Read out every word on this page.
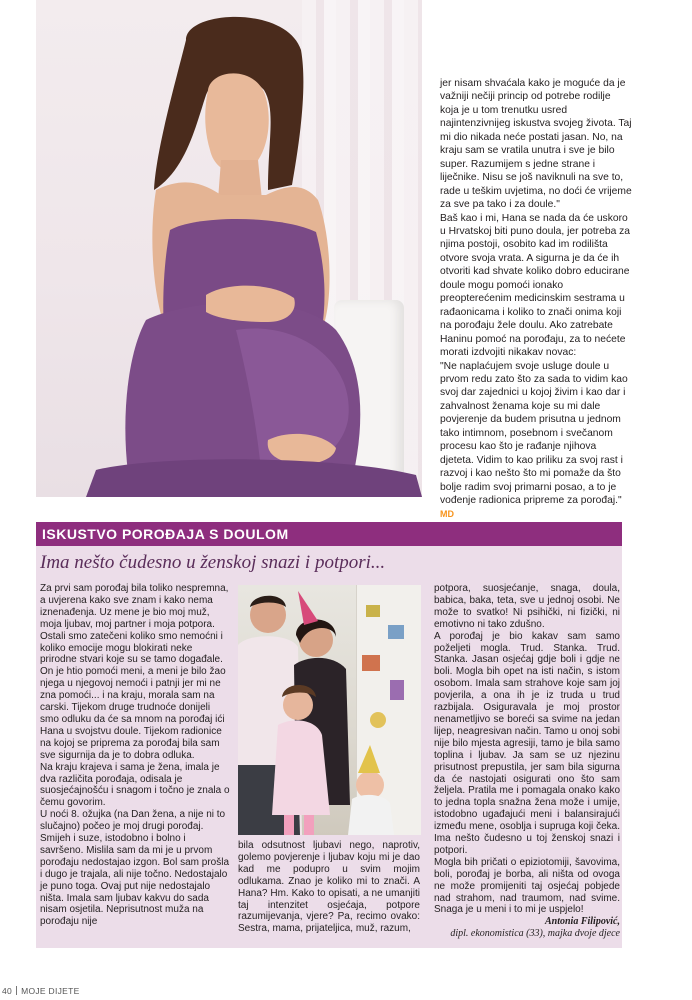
jer nisam shvaćala kako je moguće da je važniji nečiji princip od potrebe rodilje koja je u tom trenutku usred najintenzivnijeg iskustva svojeg života. Taj mi dio nikada neće postati jasan. No, na kraju sam se vratila unutra i sve je bilo super. Razumijem s jedne strane i liječnike. Nisu se još naviknuli na sve to, rade u teškim uvjetima, no doći će vrijeme za sve pa tako i za doule."

Baš kao i mi, Hana se nada da će uskoro u Hrvatskoj biti puno doula, jer potreba za njima postoji, osobito kad im rodilišta otvore svoja vrata. A sigurna je da će ih otvoriti kad shvate koliko dobro educirane doule mogu pomoći ionako preopterećenim medicinskim sestrama u rađaonicama i koliko to znači onima koji na porođaju žele doulu. Ako zatrebate Haninu pomoć na porođaju, za to nećete morati izdvojiti nikakav novac:

"Ne naplaćujem svoje usluge doule u prvom redu zato što za sada to vidim kao svoj dar zajednici u kojoj živim i kao dar i zahvalnost ženama koje su mi dale povjerenje da budem prisutna u jednom tako intimnom, posebnom i svečanom procesu kao što je rađanje njihova djeteta. Vidim to kao priliku za svoj rast i razvoj i kao nešto što mi pomaže da što bolje radim svoj primarni posao, a to je vođenje radionica pripreme za porođaj." MD

ISKUSTVO POROĐAJA S DOULOM
Ima nešto čudesno u ženskoj snazi i potpori...

Za prvi sam porođaj bila toliko nespremna, a uvjerena kako sve znam i kako nema iznenađenja. Uz mene je bio moj muž, moja ljubav, moj partner i moja potpora. Ostali smo zatečeni koliko smo nemoćni i koliko emocije mogu blokirati neke prirodne stvari koje su se tamo događale. On je htio pomoći meni, a meni je bilo žao njega u njegovoj nemoći i patnji jer mi ne zna pomoći... i na kraju, morala sam na carski. Tijekom druge trudnoće donijeli smo odluku da će sa mnom na porođaj ići Hana u svojstvu doule. Tijekom radionice na kojoj se priprema za porođaj bila sam sve sigurnija da je to dobra odluka.

Na kraju krajeva i sama je žena, imala je dva različita porođaja, odisala je suosjećajnošću i snagom i točno je znala o čemu govorim.

U noći 8. ožujka (na Dan žena, a nije ni to slučajno) počeo je moj drugi porođaj. Smijeh i suze, istodobno i bolno i savršeno. Mislila sam da mi je u prvom porođaju nedostajao izgon. Bol sam prošla i dugo je trajala, ali nije točno. Nedostajalo je puno toga. Ovaj put nije nedostajalo ništa. Imala sam ljubav kakvu do sada nisam osjetila. Neprisutnost muža na porođaju nije

bila odsutnost ljubavi nego, naprotiv, golemo povjerenje i ljubav koju mi je dao kad me podupro u svim mojim odlukama. Znao je koliko mi to znači. A Hana? Hm. Kako to opisati, a ne umanjiti taj intenzitet osjećaja, potpore razumijevanja, vjere? Pa, recimo ovako: Sestra, mama, prijateljica, muž, razum,

potpora, suosjećanje, snaga, doula, babica, baka, teta, sve u jednoj osobi. Ne može to svatko! Ni psihički, ni fizički, ni emotivno ni tako zdušno.

A porođaj je bio kakav sam samo poželjeti mogla. Trud. Stanka. Trud. Stanka. Jasan osjećaj gdje boli i gdje ne boli. Mogla bih opet na isti način, s istom osobom. Imala sam strahove koje sam joj povjerila, a ona ih je iz truda u trud razbijala. Osiguravala je moj prostor nenametljivo se boreći sa svime na jedan lijep, neagresivan način. Tamo u onoj sobi nije bilo mjesta agresiji, tamo je bila samo toplina i ljubav. Ja sam se uz njezinu prisutnost prepustila, jer sam bila sigurna da će nastojati osigurati ono što sam željela. Pratila me i pomagala onako kako to jedna topla snažna žena može i umije, istodobno ugađajući meni i balansirajući između mene, osoblja i supruga koji čeka. Ima nešto čudesno u toj ženskoj snazi i potpori.

Mogla bih pričati o epiziotomiji, šavovima, boli, porođaj je borba, ali ništa od ovoga ne može promijeniti taj osjećaj pobjede nad strahom, nad traumom, nad svime. Snaga je u meni i to mi je uspjelo!

Antonia Filipović,
dipl. ekonomistica (33), majka dvoje djece
40 MOJE DIJETE
